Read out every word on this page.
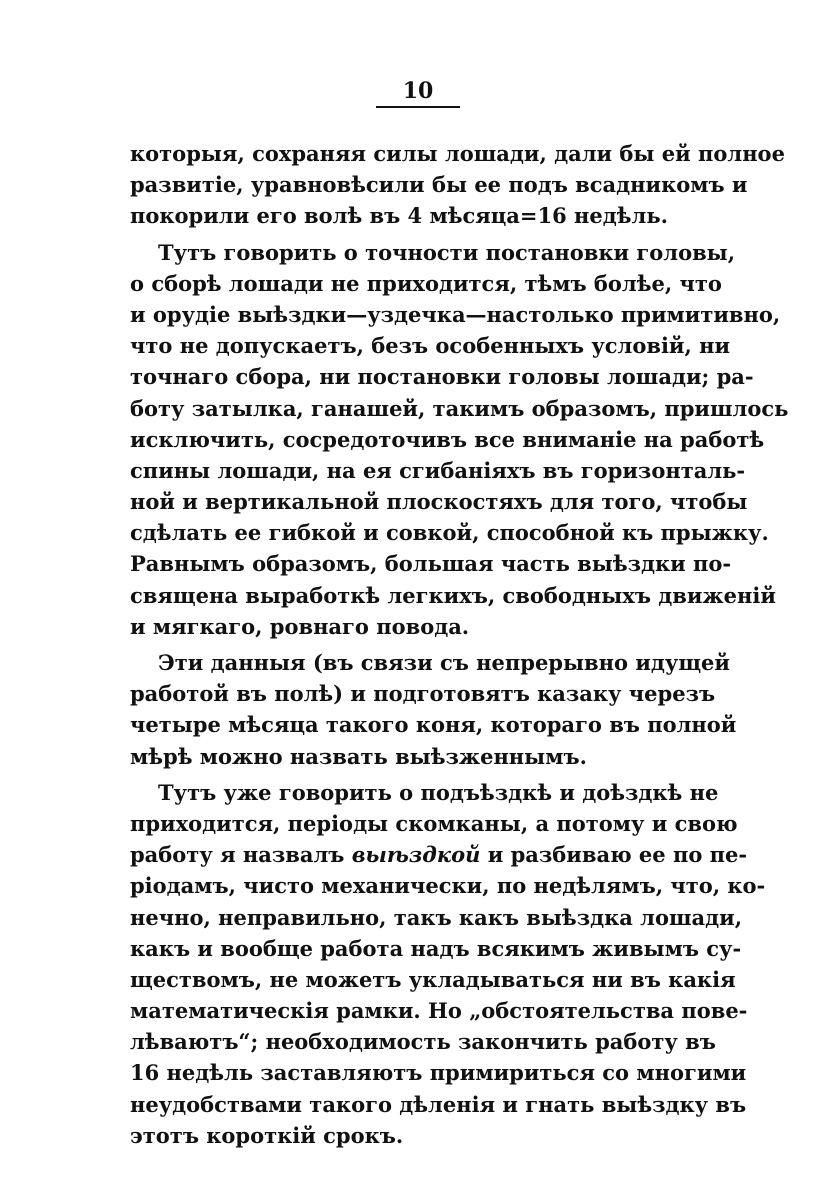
10
которыя, сохраняя силы лошади, дали бы ей полное
развитіе, уравновѣсили бы ее подъ всадникомъ и
покорили его волѣ въ 4 мѣсяца=16 недѣль.
Тутъ говорить о точности постановки головы,
о сборѣ лошади не приходится, тѣмъ болѣе, что
и орудіе выѣздки—уздечка—настолько примитивно,
что не допускаетъ, безъ особенныхъ условій, ни
точнаго сбора, ни постановки головы лошади; ра-
боту затылка, ганашей, такимъ образомъ, пришлось
исключить, сосредоточивъ все вниманіе на работѣ
спины лошади, на ея сгибаніяхъ въ горизонталь-
ной и вертикальной плоскостяхъ для того, чтобы
сдѣлать ее гибкой и совкой, способной къ прыжку.
Равнымъ образомъ, большая часть выѣздки по-
священа выработкѣ легкихъ, свободныхъ движеній
и мягкаго, ровнаго повода.
Эти данныя (въ связи съ непрерывно идущей
работой въ полѣ) и подготовятъ казаку черезъ
четыре мѣсяца такого коня, котораго въ полной
мѣрѣ можно назвать выѣзженнымъ.
Тутъ уже говорить о подъѣздкѣ и доѣздкѣ не
приходится, періоды скомканы, а потому и свою
работу я назвалъ выѣздкой и разбиваю ее по пе-
ріодамъ, чисто механически, по недѣлямъ, что, ко-
нечно, неправильно, такъ какъ выѣздка лошади,
какъ и вообще работа надъ всякимъ живымъ су-
ществомъ, не можетъ укладываться ни въ какія
математическія рамки. Но „обстоятельства пове-
лѣваютъ“; необходимость закончить работу въ
16 недѣль заставляютъ примириться со многими
неудобствами такого дѣленія и гнать выѣздку въ
этотъ короткій срокъ.
